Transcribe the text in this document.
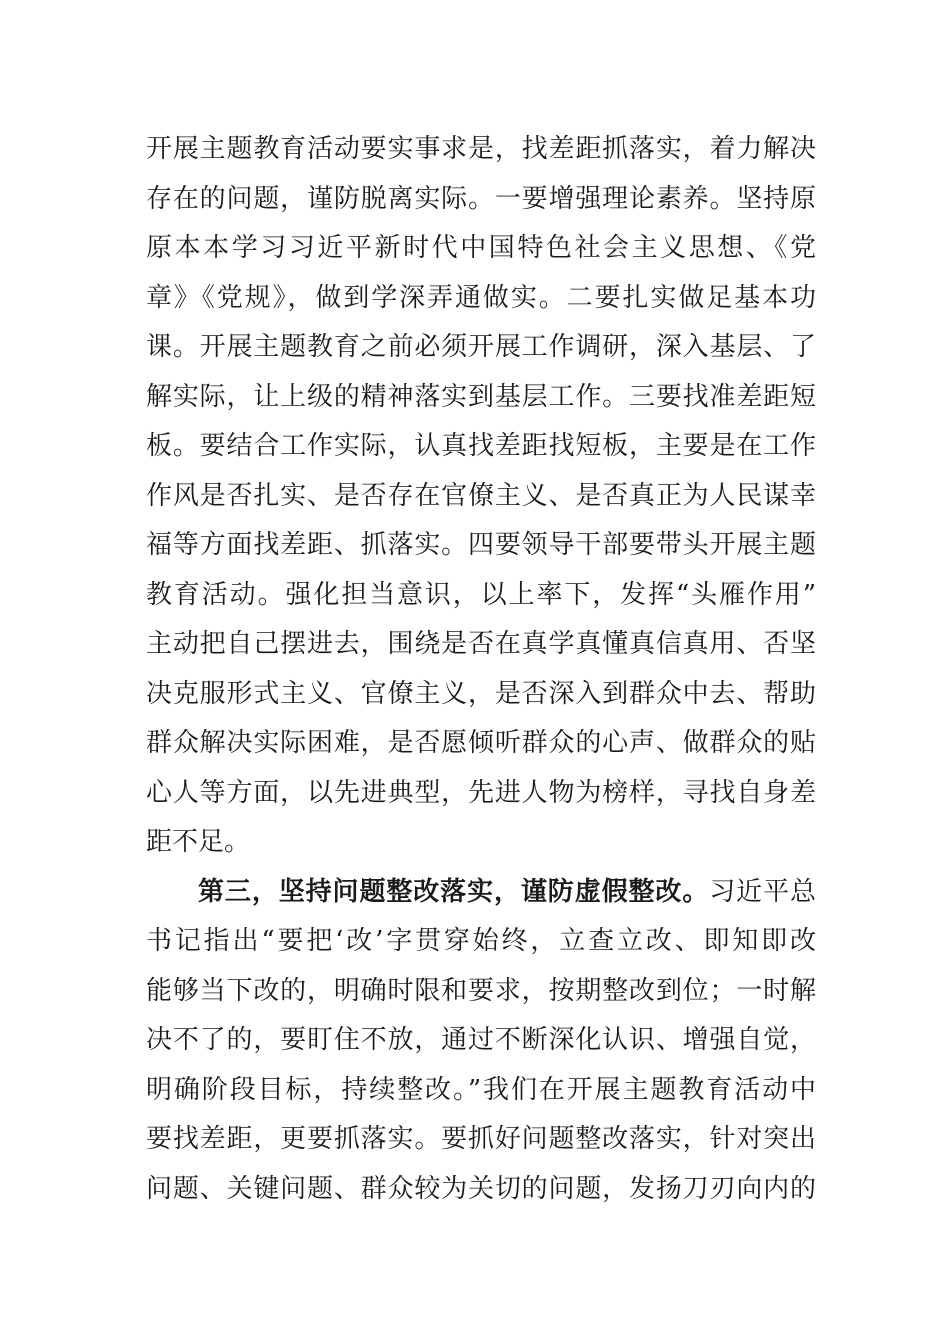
开展主题教育活动要实事求是，找差距抓落实，着力解决
存在的问题，谨防脱离实际。一要增强理论素养。坚持原
原本本学习习近平新时代中国特色社会主义思想、《党
章》《党规》，做到学深弄通做实。二要扎实做足基本功
课。开展主题教育之前必须开展工作调研，深入基层、了
解实际，让上级的精神落实到基层工作。三要找准差距短
板。要结合工作实际，认真找差距找短板，主要是在工作
作风是否扎实、是否存在官僚主义、是否真正为人民谋幸
福等方面找差距、抓落实。四要领导干部要带头开展主题
教育活动。强化担当意识，以上率下，发挥“头雁作用”
主动把自己摆进去，围绕是否在真学真懂真信真用、否坚
决克服形式主义、官僚主义，是否深入到群众中去、帮助
群众解决实际困难，是否愿倾听群众的心声、做群众的贴
心人等方面，以先进典型，先进人物为榜样，寻找自身差
距不足。
第三，坚持问题整改落实，谨防虚假整改。习近平总
书记指出“要把‘改’字贯穿始终，立查立改、即知即改
能够当下改的，明确时限和要求，按期整改到位；一时解
决不了的，要盯住不放，通过不断深化认识、增强自觉，
明确阶段目标，持续整改。”我们在开展主题教育活动中
要找差距，更要抓落实。要抓好问题整改落实，针对突出
问题、关键问题、群众较为关切的问题，发扬刀刃向内的
